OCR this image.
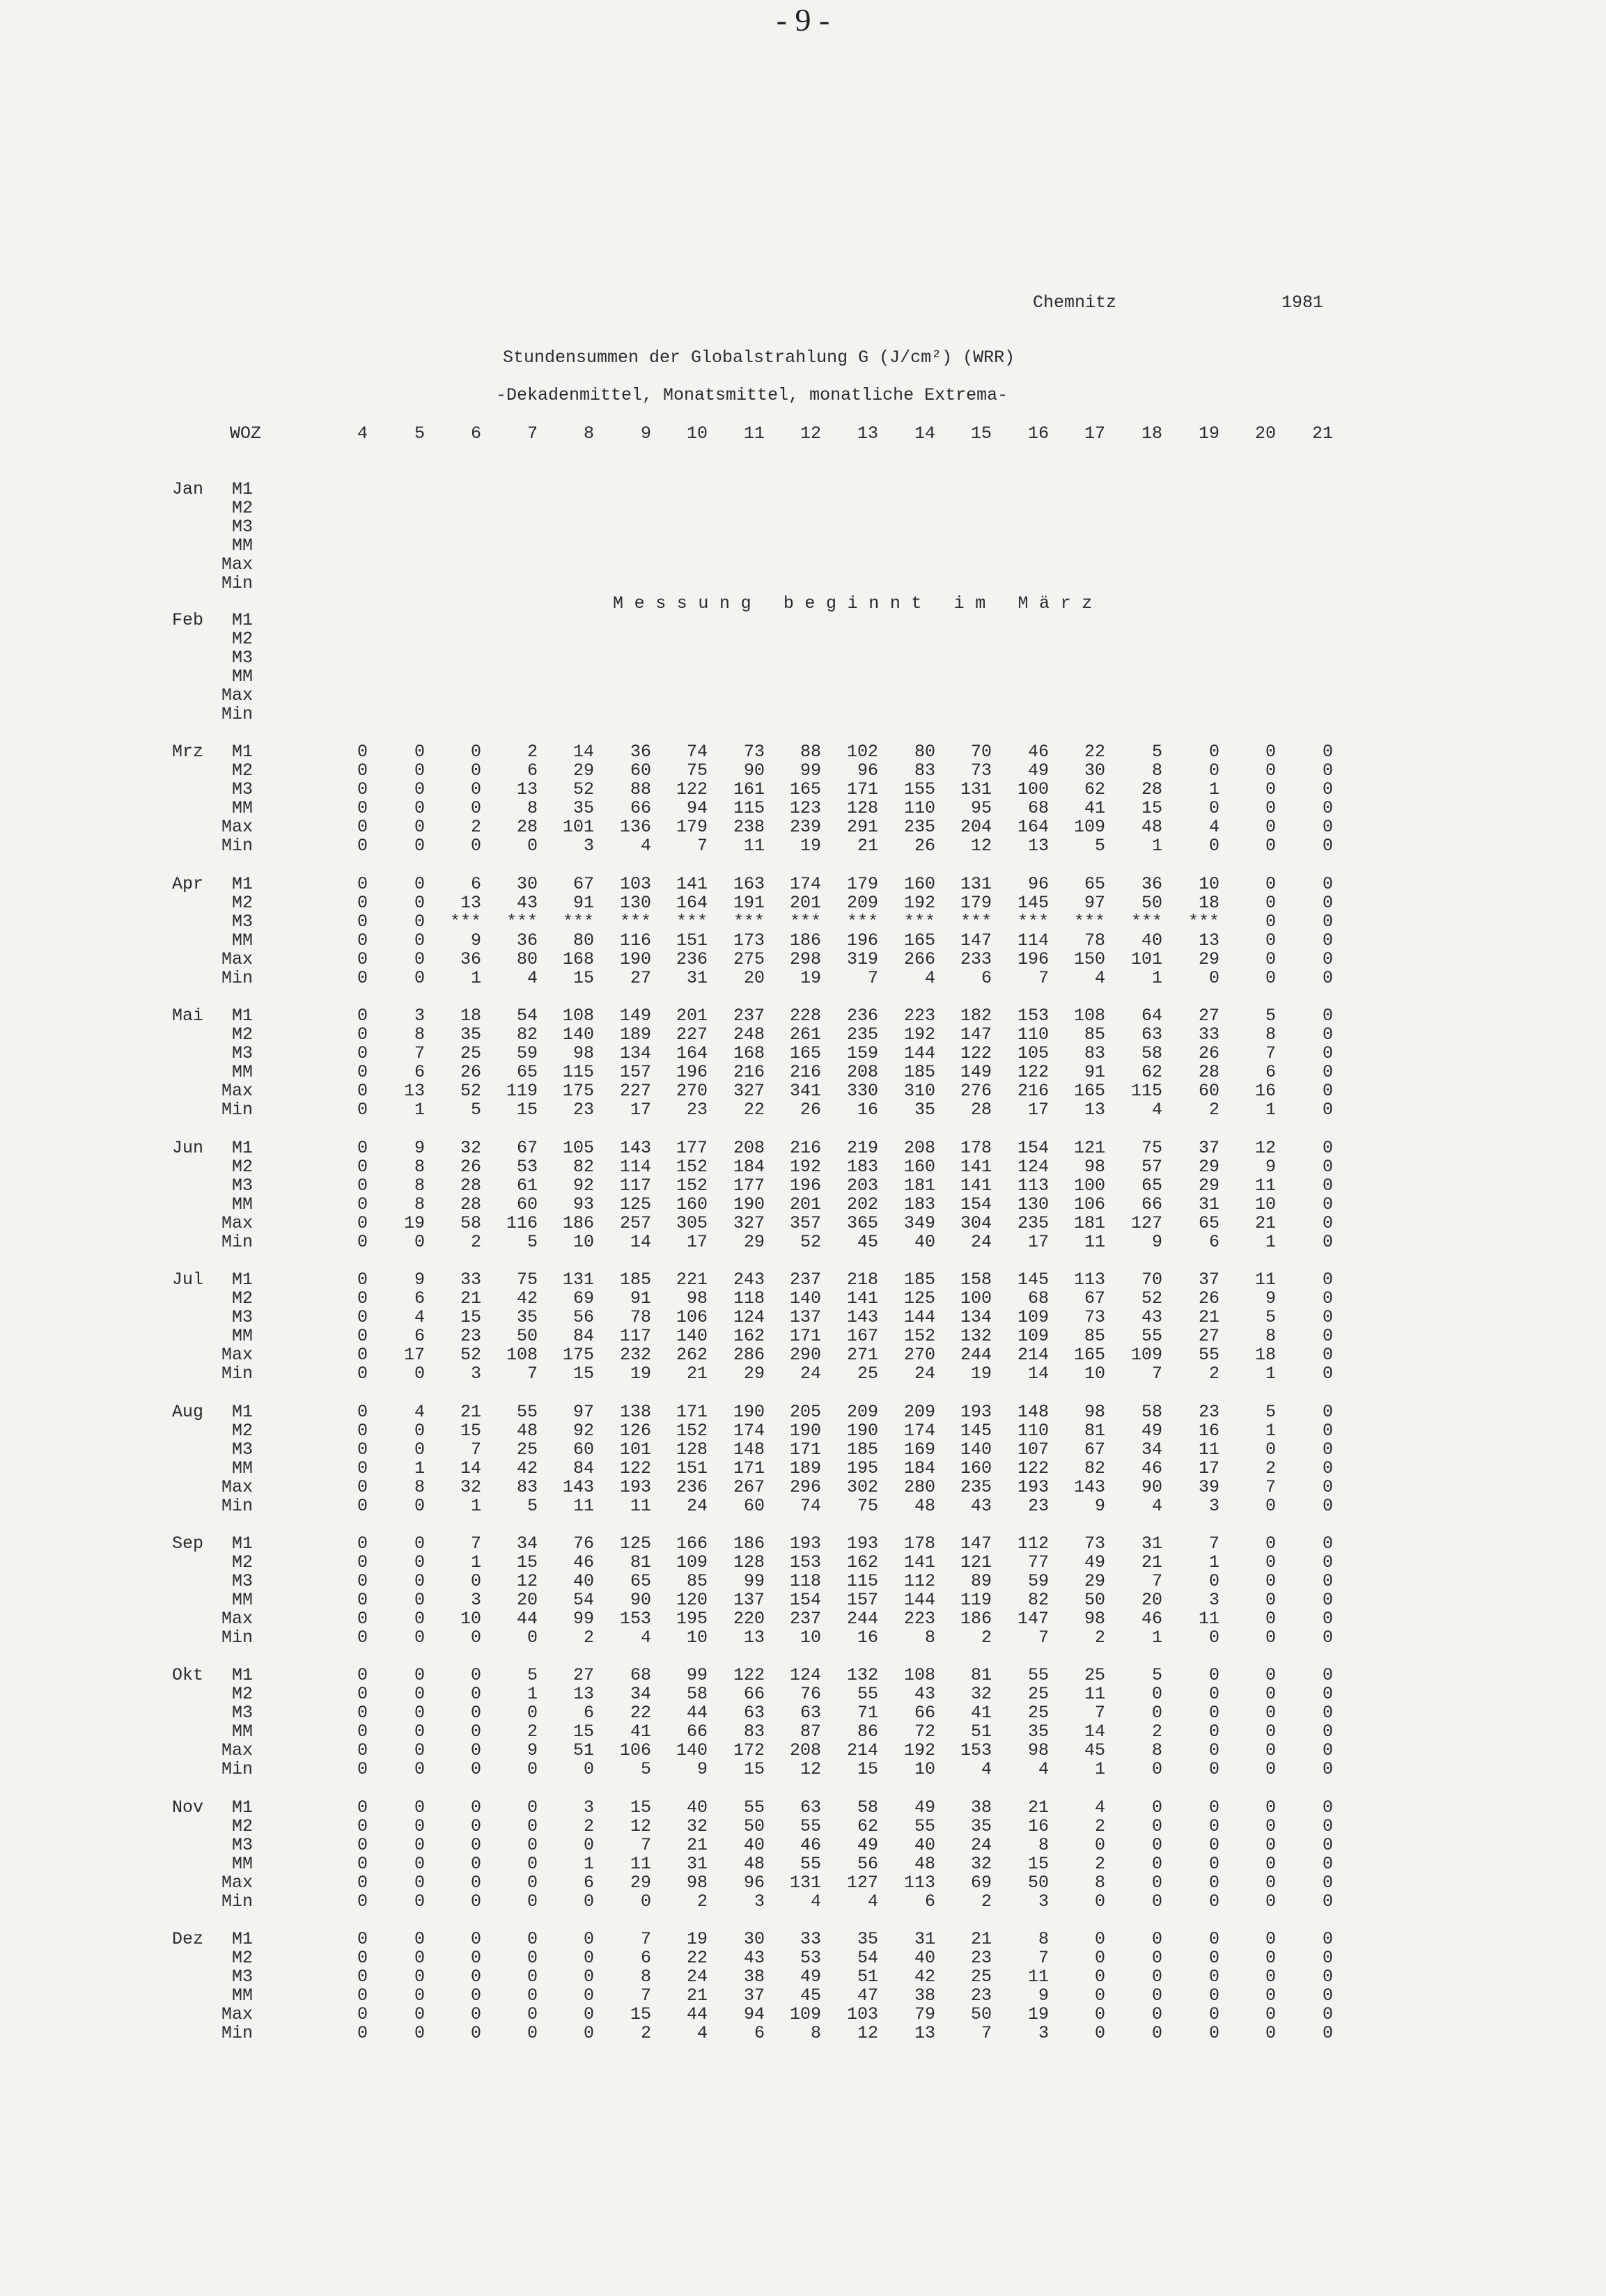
- 9 -
Chemnitz	1981
Stundensummen der Globalstrahlung G (J/cm²) (WRR)
-Dekadenmittel, Monatsmittel, monatliche Extrema-
WOZ	4	5	6	7	8	9	10	11	12	13	14	15	16	17	18	19	20	21
Jan	M1
M2
M3
MM
Max
Min
Feb	M1
M2
M3
MM
Max
Min
Mrz	M1	0	0	0	2	14	36	74	73	88	102	80	70	46	22	5	0	0	0
M2	0	0	0	6	29	60	75	90	99	96	83	73	49	30	8	0	0	0
M3	0	0	0	13	52	88	122	161	165	171	155	131	100	62	28	1	0	0
MM	0	0	0	8	35	66	94	115	123	128	110	95	68	41	15	0	0	0
Max	0	0	2	28	101	136	179	238	239	291	235	204	164	109	48	4	0	0
Min	0	0	0	0	3	4	7	11	19	21	26	12	13	5	1	0	0	0
Apr	M1	0	0	6	30	67	103	141	163	174	179	160	131	96	65	36	10	0	0
M2	0	0	13	43	91	130	164	191	201	209	192	179	145	97	50	18	0	0
M3	0	0	***	***	***	***	***	***	***	***	***	***	***	***	***	***	0	0
MM	0	0	9	36	80	116	151	173	186	196	165	147	114	78	40	13	0	0
Max	0	0	36	80	168	190	236	275	298	319	266	233	196	150	101	29	0	0
Min	0	0	1	4	15	27	31	20	19	7	4	6	7	4	1	0	0	0
Mai	M1	0	3	18	54	108	149	201	237	228	236	223	182	153	108	64	27	5	0
M2	0	8	35	82	140	189	227	248	261	235	192	147	110	85	63	33	8	0
M3	0	7	25	59	98	134	164	168	165	159	144	122	105	83	58	26	7	0
MM	0	6	26	65	115	157	196	216	216	208	185	149	122	91	62	28	6	0
Max	0	13	52	119	175	227	270	327	341	330	310	276	216	165	115	60	16	0
Min	0	1	5	15	23	17	23	22	26	16	35	28	17	13	4	2	1	0
Jun	M1	0	9	32	67	105	143	177	208	216	219	208	178	154	121	75	37	12	0
M2	0	8	26	53	82	114	152	184	192	183	160	141	124	98	57	29	9	0
M3	0	8	28	61	92	117	152	177	196	203	181	141	113	100	65	29	11	0
MM	0	8	28	60	93	125	160	190	201	202	183	154	130	106	66	31	10	0
Max	0	19	58	116	186	257	305	327	357	365	349	304	235	181	127	65	21	0
Min	0	0	2	5	10	14	17	29	52	45	40	24	17	11	9	6	1	0
Jul	M1	0	9	33	75	131	185	221	243	237	218	185	158	145	113	70	37	11	0
M2	0	6	21	42	69	91	98	118	140	141	125	100	68	67	52	26	9	0
M3	0	4	15	35	56	78	106	124	137	143	144	134	109	73	43	21	5	0
MM	0	6	23	50	84	117	140	162	171	167	152	132	109	85	55	27	8	0
Max	0	17	52	108	175	232	262	286	290	271	270	244	214	165	109	55	18	0
Min	0	0	3	7	15	19	21	29	24	25	24	19	14	10	7	2	1	0
Aug	M1	0	4	21	55	97	138	171	190	205	209	209	193	148	98	58	23	5	0
M2	0	0	15	48	92	126	152	174	190	190	174	145	110	81	49	16	1	0
M3	0	0	7	25	60	101	128	148	171	185	169	140	107	67	34	11	0	0
MM	0	1	14	42	84	122	151	171	189	195	184	160	122	82	46	17	2	0
Max	0	8	32	83	143	193	236	267	296	302	280	235	193	143	90	39	7	0
Min	0	0	1	5	11	11	24	60	74	75	48	43	23	9	4	3	0	0
Sep	M1	0	0	7	34	76	125	166	186	193	193	178	147	112	73	31	7	0	0
M2	0	0	1	15	46	81	109	128	153	162	141	121	77	49	21	1	0	0
M3	0	0	0	12	40	65	85	99	118	115	112	89	59	29	7	0	0	0
MM	0	0	3	20	54	90	120	137	154	157	144	119	82	50	20	3	0	0
Max	0	0	10	44	99	153	195	220	237	244	223	186	147	98	46	11	0	0
Min	0	0	0	0	2	4	10	13	10	16	8	2	7	2	1	0	0	0
Okt	M1	0	0	0	5	27	68	99	122	124	132	108	81	55	25	5	0	0	0
M2	0	0	0	1	13	34	58	66	76	55	43	32	25	11	0	0	0	0
M3	0	0	0	0	6	22	44	63	63	71	66	41	25	7	0	0	0	0
MM	0	0	0	2	15	41	66	83	87	86	72	51	35	14	2	0	0	0
Max	0	0	0	9	51	106	140	172	208	214	192	153	98	45	8	0	0	0
Min	0	0	0	0	0	5	9	15	12	15	10	4	4	1	0	0	0	0
Nov	M1	0	0	0	0	3	15	40	55	63	58	49	38	21	4	0	0	0	0
M2	0	0	0	0	2	12	32	50	55	62	55	35	16	2	0	0	0	0
M3	0	0	0	0	0	7	21	40	46	49	40	24	8	0	0	0	0	0
MM	0	0	0	0	1	11	31	48	55	56	48	32	15	2	0	0	0	0
Max	0	0	0	0	6	29	98	96	131	127	113	69	50	8	0	0	0	0
Min	0	0	0	0	0	0	2	3	4	4	6	2	3	0	0	0	0	0
Dez	M1	0	0	0	0	0	7	19	30	33	35	31	21	8	0	0	0	0	0
M2	0	0	0	0	0	6	22	43	53	54	40	23	7	0	0	0	0	0
M3	0	0	0	0	0	8	24	38	49	51	42	25	11	0	0	0	0	0
MM	0	0	0	0	0	7	21	37	45	47	38	23	9	0	0	0	0	0
Max	0	0	0	0	0	15	44	94	109	103	79	50	19	0	0	0	0	0
Min	0	0	0	0	0	2	4	6	8	12	13	7	3	0	0	0	0	0
Messung beginnt im März
